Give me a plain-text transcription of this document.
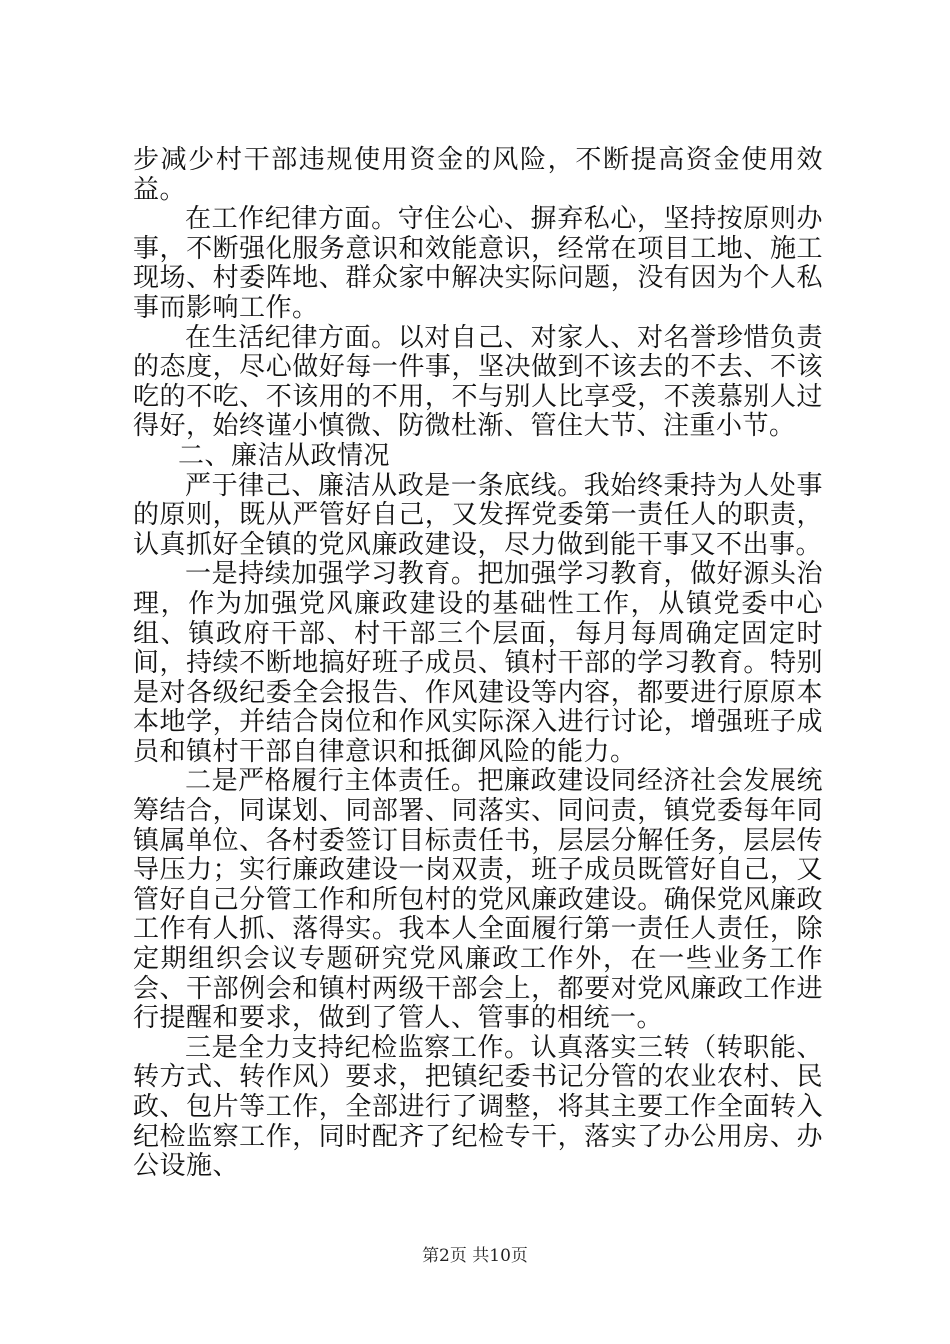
步减少村干部违规使用资金的风险，不断提高资金使用效益。

在工作纪律方面。守住公心、摒弃私心，坚持按原则办事，不断强化服务意识和效能意识，经常在项目工地、施工现场、村委阵地、群众家中解决实际问题，没有因为个人私事而影响工作。

在生活纪律方面。以对自己、对家人、对名誉珍惜负责的态度，尽心做好每一件事，坚决做到不该去的不去、不该吃的不吃、不该用的不用，不与别人比享受，不羡慕别人过得好，始终谨小慎微、防微杜渐、管住大节、注重小节。

二、廉洁从政情况

严于律己、廉洁从政是一条底线。我始终秉持为人处事的原则，既从严管好自己，又发挥党委第一责任人的职责，认真抓好全镇的党风廉政建设，尽力做到能干事又不出事。

一是持续加强学习教育。把加强学习教育，做好源头治理，作为加强党风廉政建设的基础性工作，从镇党委中心组、镇政府干部、村干部三个层面，每月每周确定固定时间，持续不断地搞好班子成员、镇村干部的学习教育。特别是对各级纪委全会报告、作风建设等内容，都要进行原原本本地学，并结合岗位和作风实际深入进行讨论，增强班子成员和镇村干部自律意识和抵御风险的能力。

二是严格履行主体责任。把廉政建设同经济社会发展统筹结合，同谋划、同部署、同落实、同问责，镇党委每年同镇属单位、各村委签订目标责任书，层层分解任务，层层传导压力；实行廉政建设一岗双责，班子成员既管好自己，又管好自己分管工作和所包村的党风廉政建设。确保党风廉政工作有人抓、落得实。我本人全面履行第一责任人责任，除定期组织会议专题研究党风廉政工作外，在一些业务工作会、干部例会和镇村两级干部会上，都要对党风廉政工作进行提醒和要求，做到了管人、管事的相统一。

三是全力支持纪检监察工作。认真落实三转（转职能、转方式、转作风）要求，把镇纪委书记分管的农业农村、民政、包片等工作，全部进行了调整，将其主要工作全面转入纪检监察工作，同时配齐了纪检专干，落实了办公用房、办公设施、

第2页 共10页
